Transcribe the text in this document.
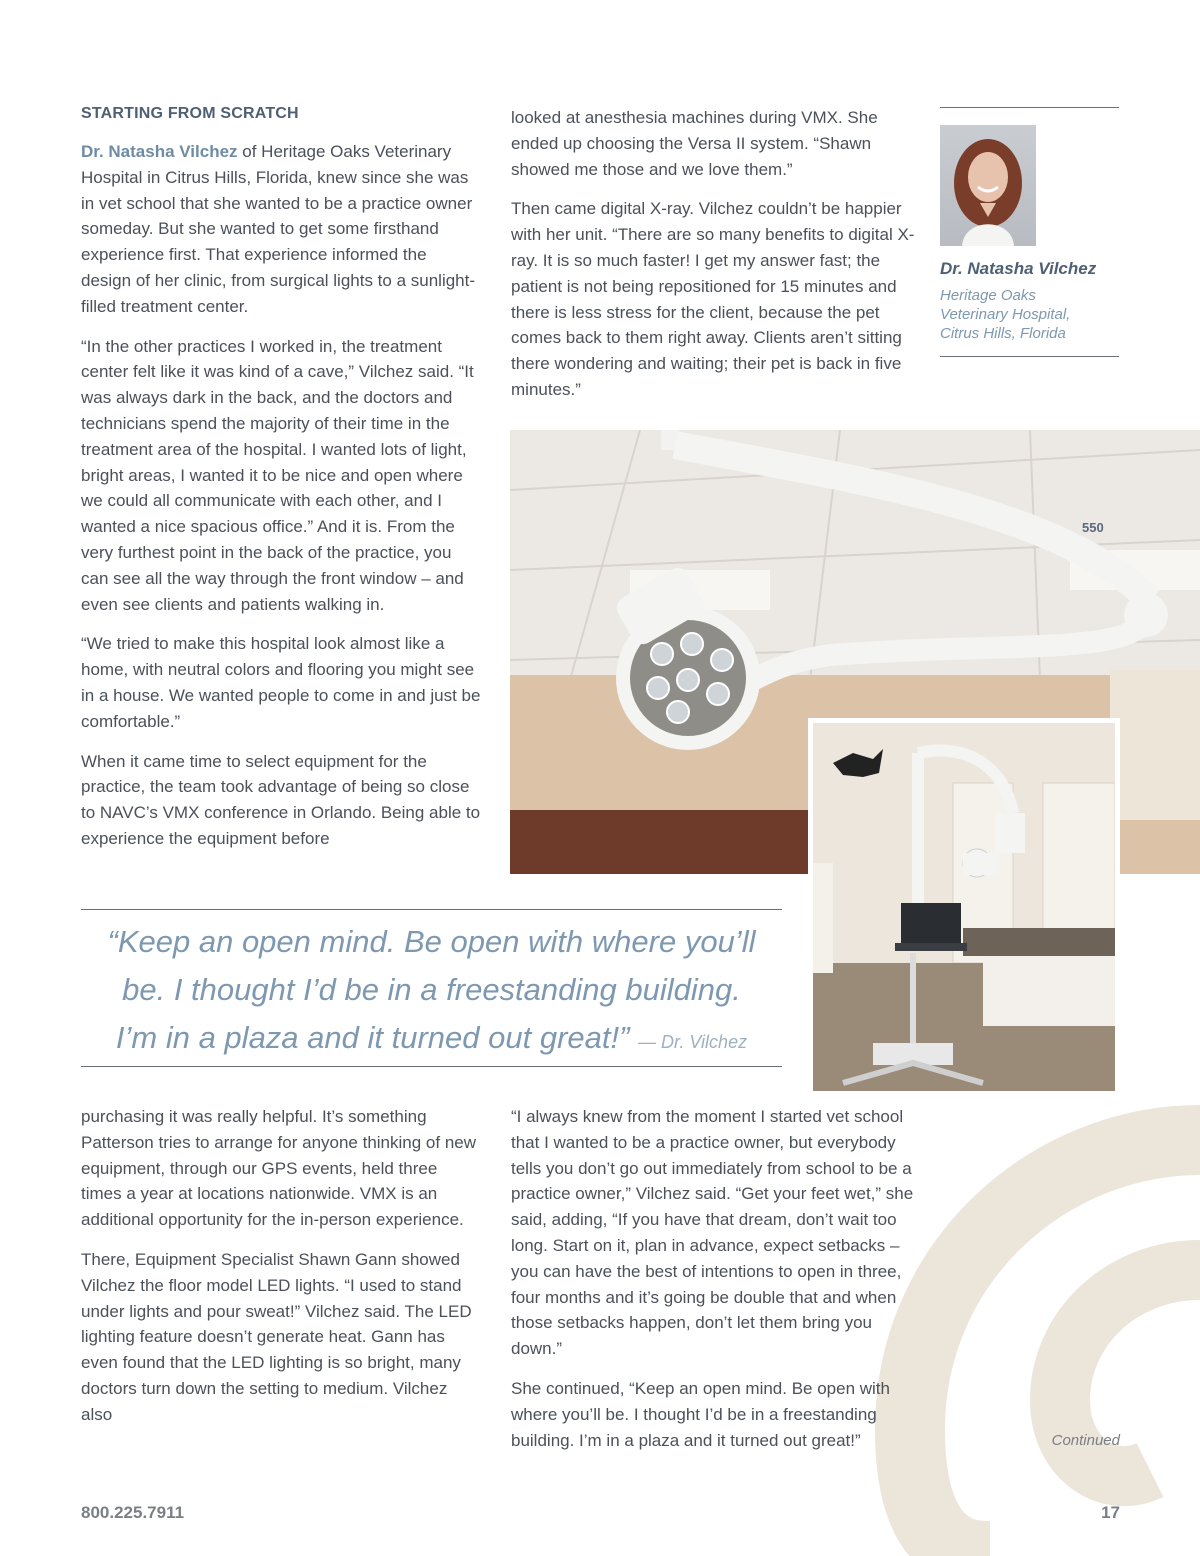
STARTING FROM SCRATCH

Dr. Natasha Vilchez of Heritage Oaks Veterinary Hospital in Citrus Hills, Florida, knew since she was in vet school that she wanted to be a practice owner someday. But she wanted to get some firsthand experience first. That experience informed the design of her clinic, from surgical lights to a sunlight-filled treatment center.

“In the other practices I worked in, the treatment center felt like it was kind of a cave,” Vilchez said. “It was always dark in the back, and the doctors and technicians spend the majority of their time in the treatment area of the hospital. I wanted lots of light, bright areas, I wanted it to be nice and open where we could all communicate with each other, and I wanted a nice spacious office.” And it is. From the very furthest point in the back of the practice, you can see all the way through the front window – and even see clients and patients walking in.

“We tried to make this hospital look almost like a home, with neutral colors and flooring you might see in a house. We wanted people to come in and just be comfortable.”

When it came time to select equipment for the practice, the team took advantage of being so close to NAVC’s VMX conference in Orlando. Being able to experience the equipment before

looked at anesthesia machines during VMX. She ended up choosing the Versa II system. “Shawn showed me those and we love them.”

Then came digital X-ray. Vilchez couldn’t be happier with her unit. “There are so many benefits to digital X-ray. It is so much faster! I get my answer fast; the patient is not being repositioned for 15 minutes and there is less stress for the client, because the pet comes back to them right away. Clients aren’t sitting there wondering and waiting; their pet is back in five minutes.”

Dr. Natasha Vilchez
Heritage Oaks
Veterinary Hospital,
Citrus Hills, Florida
550
“Keep an open mind. Be open with where you’ll
be. I thought I’d be in a freestanding building.
I’m in a plaza and it turned out great!” — Dr. Vilchez

purchasing it was really helpful. It’s something Patterson tries to arrange for anyone thinking of new equipment, through our GPS events, held three times a year at locations nationwide. VMX is an additional opportunity for the in-person experience.

There, Equipment Specialist Shawn Gann showed Vilchez the floor model LED lights. “I used to stand under lights and pour sweat!” Vilchez said. The LED lighting feature doesn’t generate heat. Gann has even found that the LED lighting is so bright, many doctors turn down the setting to medium. Vilchez also

“I always knew from the moment I started vet school that I wanted to be a practice owner, but everybody tells you don’t go out immediately from school to be a practice owner,” Vilchez said. “Get your feet wet,” she said, adding, “If you have that dream, don’t wait too long. Start on it, plan in advance, expect setbacks – you can have the best of intentions to open in three, four months and it’s going be double that and when those setbacks happen, don’t let them bring you down.”

She continued, “Keep an open mind. Be open with where you’ll be. I thought I’d be in a freestanding building. I’m in a plaza and it turned out great!”	Continued
800.225.7911	17
